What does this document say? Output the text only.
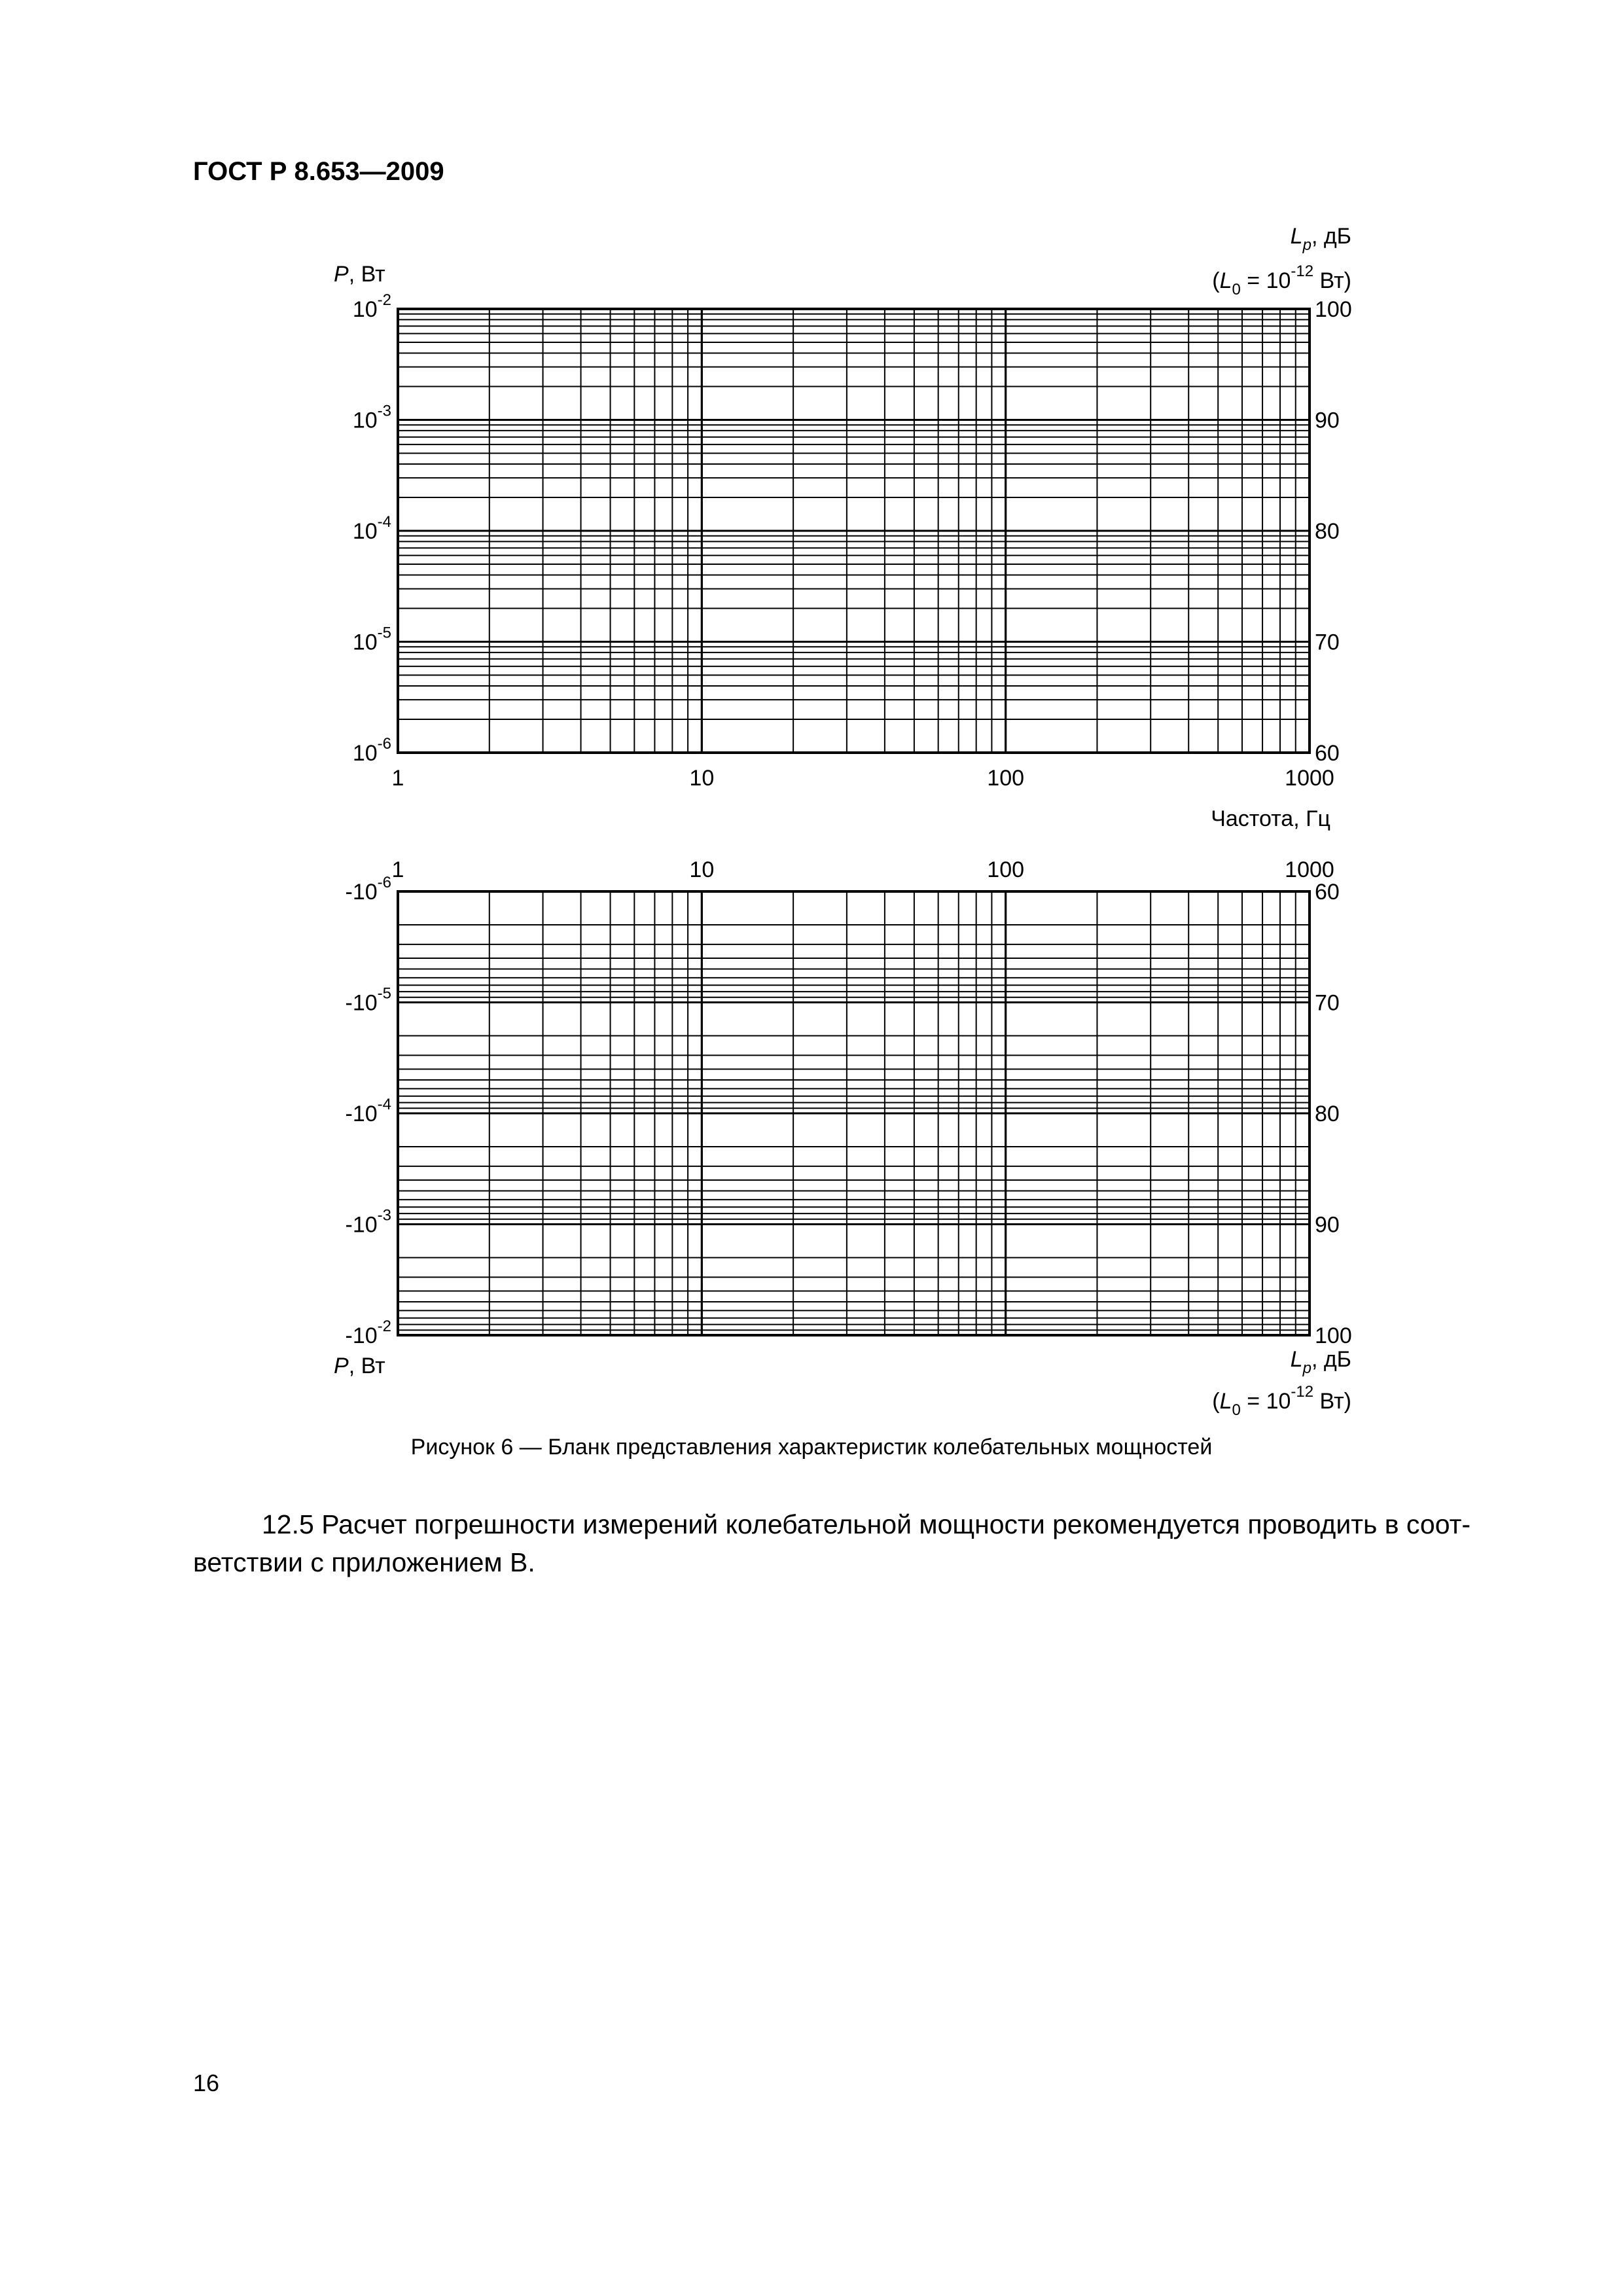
ГОСТ Р 8.653—2009
1	10	100	1000
$10^{-2}$
$10^{-3}$
$10^{-4}$
$10^{-5}$
$10^{-6}$
100
90
80
70
60
P, Вт
$L_p$, дБ
($L_0 = 10^{-12}$ Вт)
Частота, Гц
1	10	100	1000
$-10^{-6}$
$-10^{-5}$
$-10^{-4}$
$-10^{-3}$
$-10^{-2}$
60
70
80
90
100
P, Вт	$L_p$, дБ
($L_0 = 10^{-12}$ Вт)
Рисунок 6 — Бланк представления характеристик колебательных мощностей
12.5 Расчет погрешности измерений колебательной мощности рекомендуется проводить в соот-
ветствии с приложением В.
16
